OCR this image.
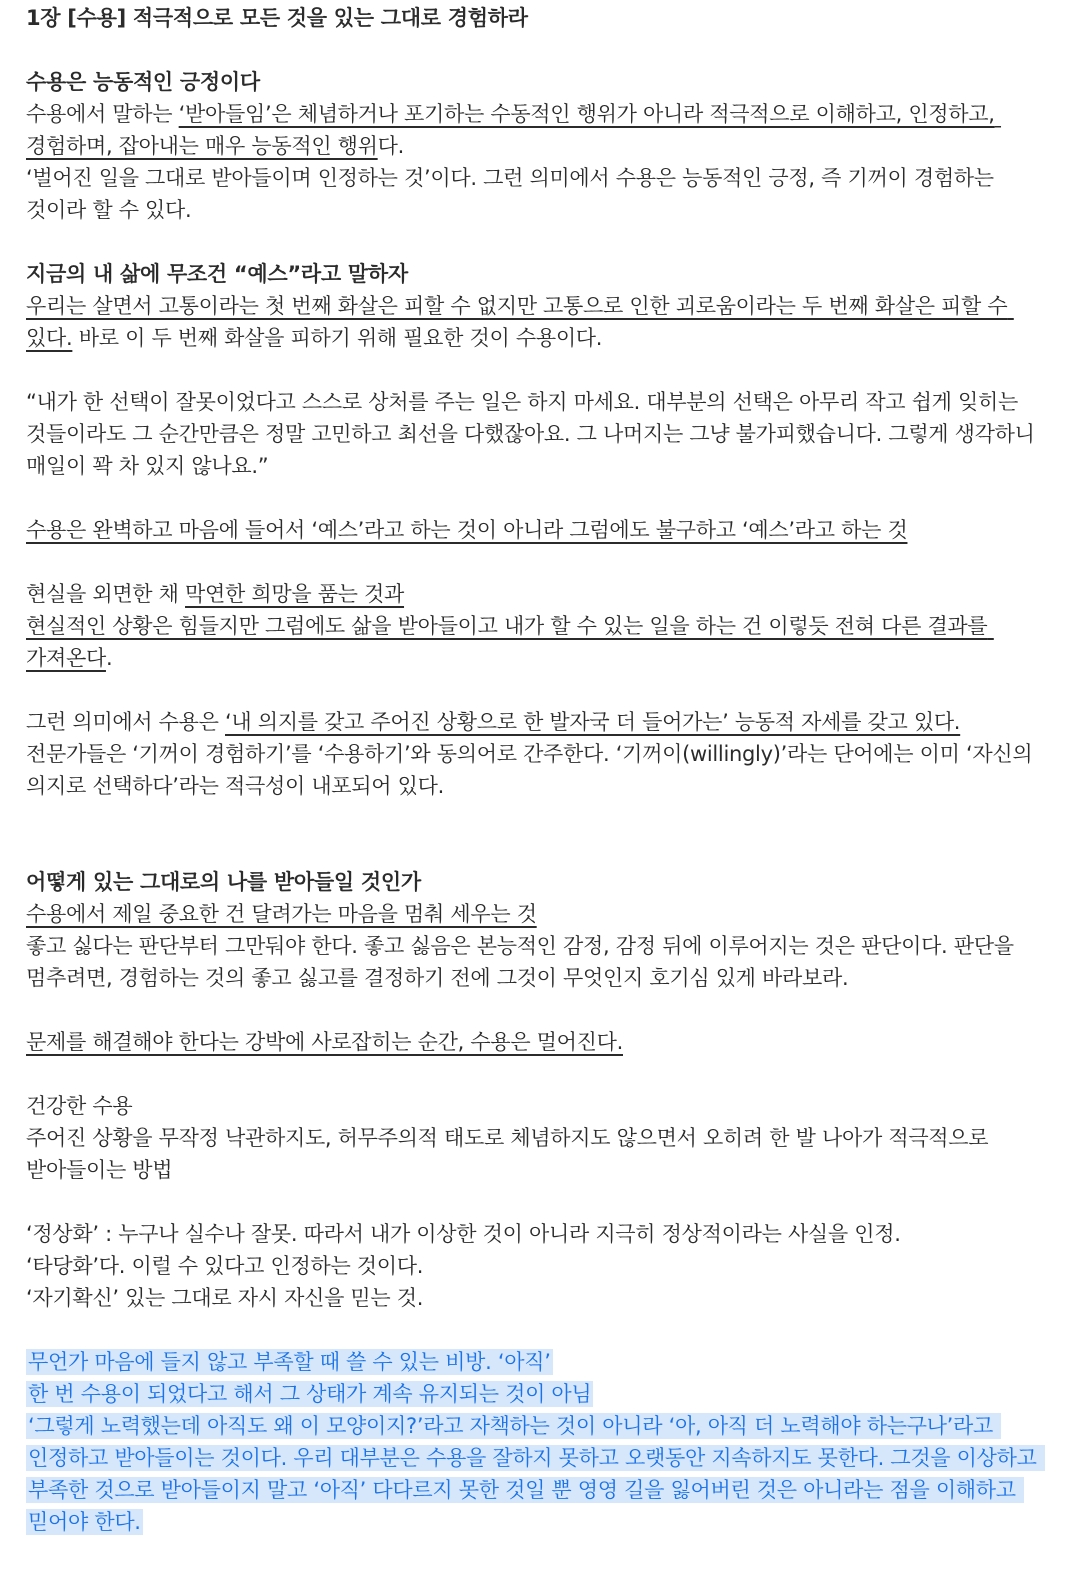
1장 [수용] 적극적으로 모든 것을 있는 그대로 경험하라
수용은 능동적인 긍정이다
수용에서 말하는 ‘받아들임’은 체념하거나 포기하는 수동적인 행위가 아니라 적극적으로 이해하고, 인정하고, 경험하며, 잡아내는 매우 능동적인 행위다.
‘벌어진 일을 그대로 받아들이며 인정하는 것’이다. 그런 의미에서 수용은 능동적인 긍정, 즉 기꺼이 경험하는 것이라 할 수 있다.
지금의 내 삶에 무조건 “예스”라고 말하자
우리는 살면서 고통이라는 첫 번째 화살은 피할 수 없지만 고통으로 인한 괴로움이라는 두 번째 화살은 피할 수 있다. 바로 이 두 번째 화살을 피하기 위해 필요한 것이 수용이다.
“내가 한 선택이 잘못이었다고 스스로 상처를 주는 일은 하지 마세요. 대부분의 선택은 아무리 작고 쉽게 잊히는 것들이라도 그 순간만큼은 정말 고민하고 최선을 다했잖아요. 그 나머지는 그냥 불가피했습니다. 그렇게 생각하니 매일이 꽉 차 있지 않나요.”
수용은 완벽하고 마음에 들어서 ‘예스’라고 하는 것이 아니라 그럼에도 불구하고 ‘예스’라고 하는 것
현실을 외면한 채 막연한 희망을 품는 것과
현실적인 상황은 힘들지만 그럼에도 삶을 받아들이고 내가 할 수 있는 일을 하는 건 이렇듯 전혀 다른 결과를 가져온다.
그런 의미에서 수용은 ‘내 의지를 갖고 주어진 상황으로 한 발자국 더 들어가는’ 능동적 자세를 갖고 있다.
전문가들은 ‘기꺼이 경험하기’를 ‘수용하기’와 동의어로 간주한다. ‘기꺼이(willingly)’라는 단어에는 이미 ‘자신의 의지로 선택하다’라는 적극성이 내포되어 있다.
어떻게 있는 그대로의 나를 받아들일 것인가
수용에서 제일 중요한 건 달려가는 마음을 멈춰 세우는 것
좋고 싫다는 판단부터 그만둬야 한다. 좋고 싫음은 본능적인 감정, 감정 뒤에 이루어지는 것은 판단이다. 판단을 멈추려면, 경험하는 것의 좋고 싫고를 결정하기 전에 그것이 무엇인지 호기심 있게 바라보라.
문제를 해결해야 한다는 강박에 사로잡히는 순간, 수용은 멀어진다.
건강한 수용
주어진 상황을 무작정 낙관하지도, 허무주의적 태도로 체념하지도 않으면서 오히려 한 발 나아가 적극적으로 받아들이는 방법
‘정상화’ : 누구나 실수나 잘못. 따라서 내가 이상한 것이 아니라 지극히 정상적이라는 사실을 인정.
‘타당화’다. 이럴 수 있다고 인정하는 것이다.
‘자기확신’ 있는 그대로 자시 자신을 믿는 것.
무언가 마음에 들지 않고 부족할 때 쓸 수 있는 비방. ‘아직’
한 번 수용이 되었다고 해서 그 상태가 계속 유지되는 것이 아님
‘그렇게 노력했는데 아직도 왜 이 모양이지?’라고 자책하는 것이 아니라 ‘아, 아직 더 노력해야 하는구나’라고 인정하고 받아들이는 것이다. 우리 대부분은 수용을 잘하지 못하고 오랫동안 지속하지도 못한다. 그것을 이상하고 부족한 것으로 받아들이지 말고 ‘아직’ 다다르지 못한 것일 뿐 영영 길을 잃어버린 것은 아니라는 점을 이해하고 믿어야 한다.
